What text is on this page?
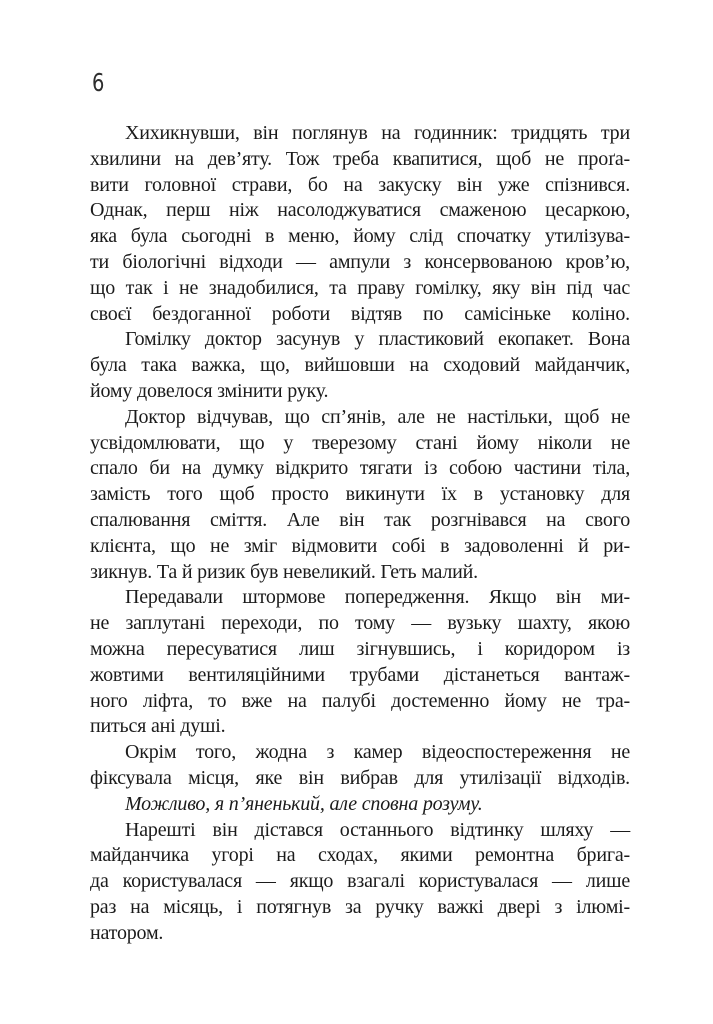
6
Хихикнувши, він поглянув на годинник: тридцять три
хвилини на дев’яту. Тож треба квапитися, щоб не проґа-
вити головної страви, бо на закуску він уже спізнився.
Однак, перш ніж насолоджуватися смаженою цесаркою,
яка була сьогодні в меню, йому слід спочатку утилізува-
ти біологічні відходи — ампули з консервованою кров’ю,
що так і не знадобилися, та праву гомілку, яку він під час
своєї бездоганної роботи відтяв по самісіньке коліно.
Гомілку доктор засунув у пластиковий екопакет. Вона
була така важка, що, вийшовши на сходовий майданчик,
йому довелося змінити руку.
Доктор відчував, що сп’янів, але не настільки, щоб не
усвідомлювати, що у тверезому стані йому ніколи не
спало би на думку відкрито тягати із собою частини тіла,
замість того щоб просто викинути їх в установку для
спалювання сміття. Але він так розгнівався на свого
клієнта, що не зміг відмовити собі в задоволенні й ри-
зикнув. Та й ризик був невеликий. Геть малий.
Передавали штормове попередження. Якщо він ми-
не заплутані переходи, по тому — вузьку шахту, якою
можна пересуватися лиш зігнувшись, і коридором із
жовтими вентиляційними трубами дістанеться вантаж-
ного ліфта, то вже на палубі достеменно йому не тра-
питься ані душі.
Окрім того, жодна з камер відеоспостереження не
фіксувала місця, яке він вибрав для утилізації відходів.
Можливо, я п’яненький, але сповна розуму.
Нарешті він дістався останнього відтинку шляху —
майданчика угорі на сходах, якими ремонтна брига-
да користувалася — якщо взагалі користувалася — лише
раз на місяць, і потягнув за ручку важкі двері з ілюмі-
натором.
